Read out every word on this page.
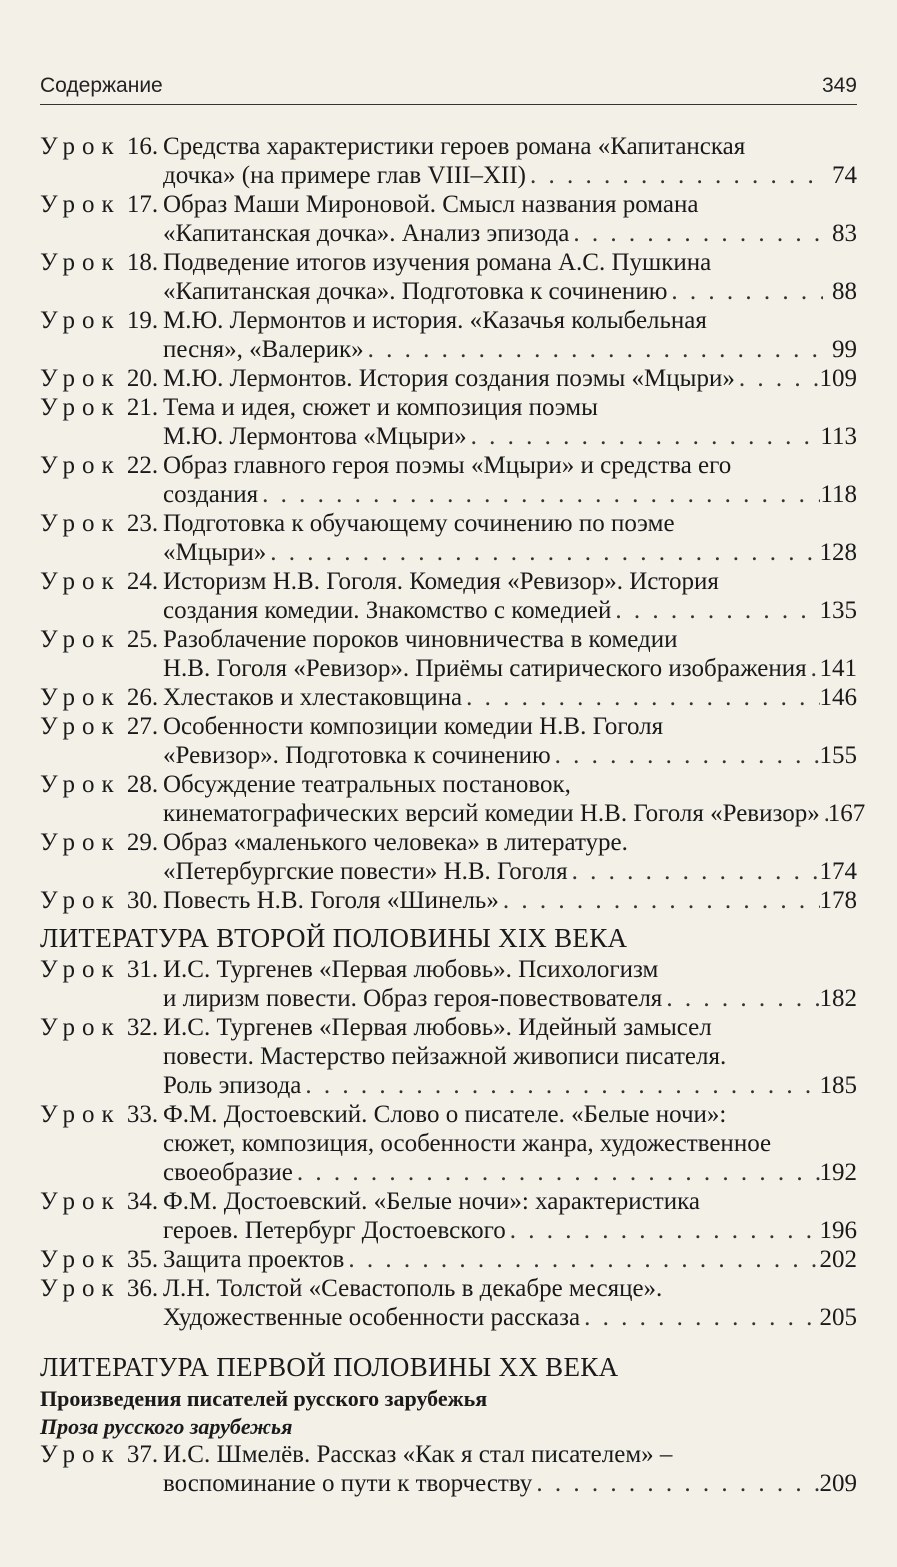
Содержание	349
Урок 16. Средства характеристики героев романа «Капитанская
дочка» (на примере глав VIII–XII) . . .	74
Урок 17. Образ Маши Мироновой. Смысл названия романа
«Капитанская дочка». Анализ эпизода . . .	83
Урок 18. Подведение итогов изучения романа А.С. Пушкина
«Капитанская дочка». Подготовка к сочинению . . .	88
Урок 19. М.Ю. Лермонтов и история. «Казачья колыбельная
песня», «Валерик» . . .	99
Урок 20. М.Ю. Лермонтов. История создания поэмы «Мцыри» . . .	109
Урок 21. Тема и идея, сюжет и композиция поэмы
М.Ю. Лермонтова «Мцыри» . . .	113
Урок 22. Образ главного героя поэмы «Мцыри» и средства его
создания . . .	118
Урок 23. Подготовка к обучающему сочинению по поэме
«Мцыри» . . .	128
Урок 24. Историзм Н.В. Гоголя. Комедия «Ревизор». История
создания комедии. Знакомство с комедией . . .	135
Урок 25. Разоблачение пороков чиновничества в комедии
Н.В. Гоголя «Ревизор». Приёмы сатирического изображения . . . 141
Урок 26. Хлестаков и хлестаковщина . . .	146
Урок 27. Особенности композиции комедии Н.В. Гоголя
«Ревизор». Подготовка к сочинению . . .	155
Урок 28. Обсуждение театральных постановок,
кинематографических версий комедии Н.В. Гоголя «Ревизор» . . . 167
Урок 29. Образ «маленького человека» в литературе.
«Петербургские повести» Н.В. Гоголя . . .	174
Урок 30. Повесть Н.В. Гоголя «Шинель» . . .	178
ЛИТЕРАТУРА ВТОРОЙ ПОЛОВИНЫ XIX ВЕКА
Урок 31. И.С. Тургенев «Первая любовь». Психологизм
и лиризм повести. Образ героя-повествователя . . .	182
Урок 32. И.С. Тургенев «Первая любовь». Идейный замысел
повести. Мастерство пейзажной живописи писателя.
Роль эпизода . . .	185
Урок 33. Ф.М. Достоевский. Слово о писателе. «Белые ночи»:
сюжет, композиция, особенности жанра, художественное
своеобразие . . .	192
Урок 34. Ф.М. Достоевский. «Белые ночи»: характеристика
героев. Петербург Достоевского . . .	196
Урок 35. Защита проектов . . .	202
Урок 36. Л.Н. Толстой «Севастополь в декабре месяце».
Художественные особенности рассказа . . .	205
ЛИТЕРАТУРА ПЕРВОЙ ПОЛОВИНЫ XX ВЕКА
Произведения писателей русского зарубежья
Проза русского зарубежья
Урок 37. И.С. Шмелёв. Рассказ «Как я стал писателем» –
воспоминание о пути к творчеству . . .	209
